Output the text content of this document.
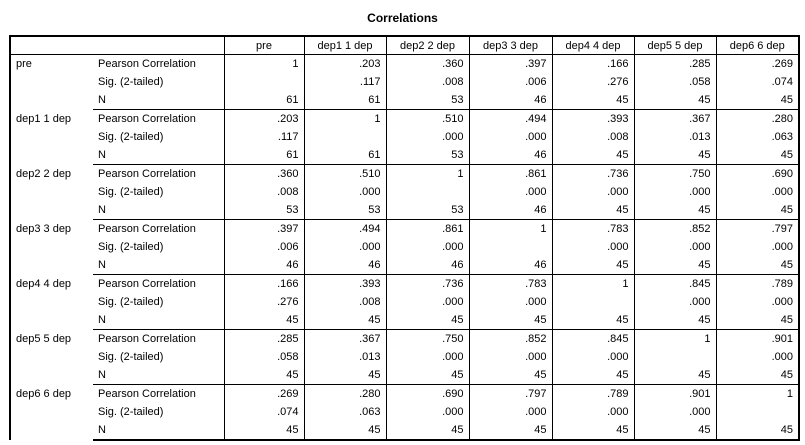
Correlations
		pre	dep1 1 dep	dep2 2 dep	dep3 3 dep	dep4 4 dep	dep5 5 dep	dep6 6 dep
pre	Pearson Correlation	1	.203	.360	.397	.166	.285	.269
	Sig. (2-tailed)		.117	.008	.006	.276	.058	.074
	N	61	61	53	46	45	45	45
dep1 1 dep	Pearson Correlation	.203	1	.510	.494	.393	.367	.280
	Sig. (2-tailed)	.117		.000	.000	.008	.013	.063
	N	61	61	53	46	45	45	45
dep2 2 dep	Pearson Correlation	.360	.510	1	.861	.736	.750	.690
	Sig. (2-tailed)	.008	.000		.000	.000	.000	.000
	N	53	53	53	46	45	45	45
dep3 3 dep	Pearson Correlation	.397	.494	.861	1	.783	.852	.797
	Sig. (2-tailed)	.006	.000	.000		.000	.000	.000
	N	46	46	46	46	45	45	45
dep4 4 dep	Pearson Correlation	.166	.393	.736	.783	1	.845	.789
	Sig. (2-tailed)	.276	.008	.000	.000		.000	.000
	N	45	45	45	45	45	45	45
dep5 5 dep	Pearson Correlation	.285	.367	.750	.852	.845	1	.901
	Sig. (2-tailed)	.058	.013	.000	.000	.000		.000
	N	45	45	45	45	45	45	45
dep6 6 dep	Pearson Correlation	.269	.280	.690	.797	.789	.901	1
	Sig. (2-tailed)	.074	.063	.000	.000	.000	.000	
	N	45	45	45	45	45	45	45
